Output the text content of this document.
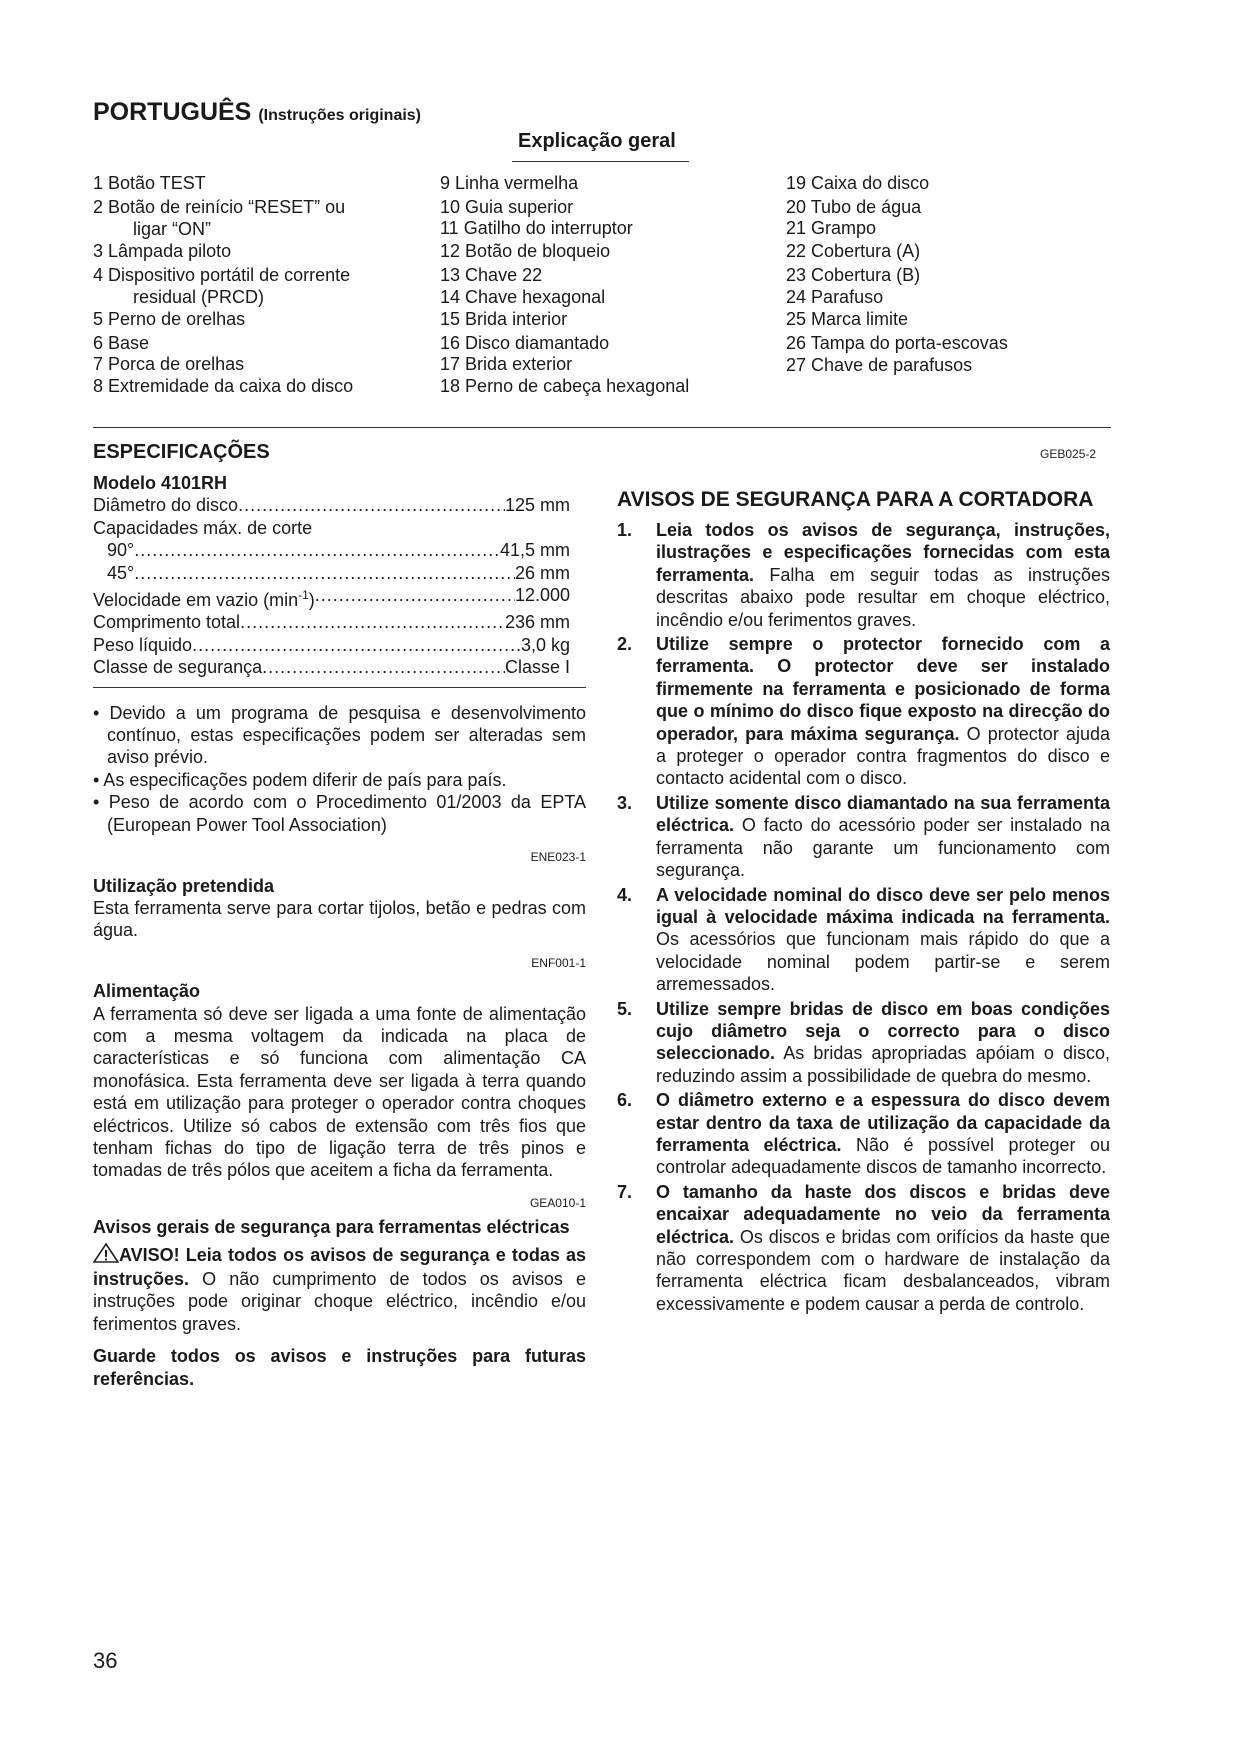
PORTUGUÊS (Instruções originais)
Explicação geral
1 Botão TEST
2 Botão de reinício “RESET” ou
ligar “ON”
3 Lâmpada piloto
4 Dispositivo portátil de corrente
residual (PRCD)
5 Perno de orelhas
6 Base
7 Porca de orelhas
8 Extremidade da caixa do disco
9 Linha vermelha
10 Guia superior
11 Gatilho do interruptor
12 Botão de bloqueio
13 Chave 22
14 Chave hexagonal
15 Brida interior
16 Disco diamantado
17 Brida exterior
18 Perno de cabeça hexagonal
19 Caixa do disco
20 Tubo de água
21 Grampo
22 Cobertura (A)
23 Cobertura (B)
24 Parafuso
25 Marca limite
26 Tampa do porta-escovas
27 Chave de parafusos
ESPECIFICAÇÕES	GEB025-2
Modelo 4101RH
Diâmetro do disco .....	125 mm
Capacidades máx. de corte
90° .....	41,5 mm
45° .....	26 mm
Velocidade em vazio $(\min^{-1})$ .....	12.000
Comprimento total .....	236 mm
Peso líquido .....	3,0 kg
Classe de segurança .....	Classe I

• Devido a um programa de pesquisa e desenvolvimento contínuo, estas especificações podem ser alteradas sem aviso prévio.

• As especificações podem diferir de país para país.

• Peso de acordo com o Procedimento 01/2003 da EPTA (European Power Tool Association)

ENE023-1
Utilização pretendida
Esta ferramenta serve para cortar tijolos, betão e pedras com água.
ENF001-1
Alimentação
A ferramenta só deve ser ligada a uma fonte de alimentação com a mesma voltagem da indicada na placa de características e só funciona com alimentação CA monofásica. Esta ferramenta deve ser ligada à terra quando está em utilização para proteger o operador contra choques eléctricos. Utilize só cabos de extensão com três fios que tenham fichas do tipo de ligação terra de três pinos e tomadas de três pólos que aceitem a ficha da ferramenta.
GEA010-1
Avisos gerais de segurança para ferramentas eléctricas
AVISO! Leia todos os avisos de segurança e todas as instruções. O não cumprimento de todos os avisos e instruções pode originar choque eléctrico, incêndio e/ou ferimentos graves.
Guarde todos os avisos e instruções para futuras referências.
AVISOS DE SEGURANÇA PARA A CORTADORA
1.	Leia todos os avisos de segurança, instruções, ilustrações e especificações fornecidas com esta ferramenta. Falha em seguir todas as instruções descritas abaixo pode resultar em choque eléctrico, incêndio e/ou ferimentos graves.
2.	Utilize sempre o protector fornecido com a ferramenta. O protector deve ser instalado firmemente na ferramenta e posicionado de forma que o mínimo do disco fique exposto na direcção do operador, para máxima segurança. O protector ajuda a proteger o operador contra fragmentos do disco e contacto acidental com o disco.
3.	Utilize somente disco diamantado na sua ferramenta eléctrica. O facto do acessório poder ser instalado na ferramenta não garante um funcionamento com segurança.
4.	A velocidade nominal do disco deve ser pelo menos igual à velocidade máxima indicada na ferramenta. Os acessórios que funcionam mais rápido do que a velocidade nominal podem partir-se e serem arremessados.
5.	Utilize sempre bridas de disco em boas condições cujo diâmetro seja o correcto para o disco seleccionado. As bridas apropriadas apóiam o disco, reduzindo assim a possibilidade de quebra do mesmo.
6.	O diâmetro externo e a espessura do disco devem estar dentro da taxa de utilização da capacidade da ferramenta eléctrica. Não é possível proteger ou controlar adequadamente discos de tamanho incorrecto.
7.	O tamanho da haste dos discos e bridas deve encaixar adequadamente no veio da ferramenta eléctrica. Os discos e bridas com orifícios da haste que não correspondem com o hardware de instalação da ferramenta eléctrica ficam desbalanceados, vibram excessivamente e podem causar a perda de controlo.
36
